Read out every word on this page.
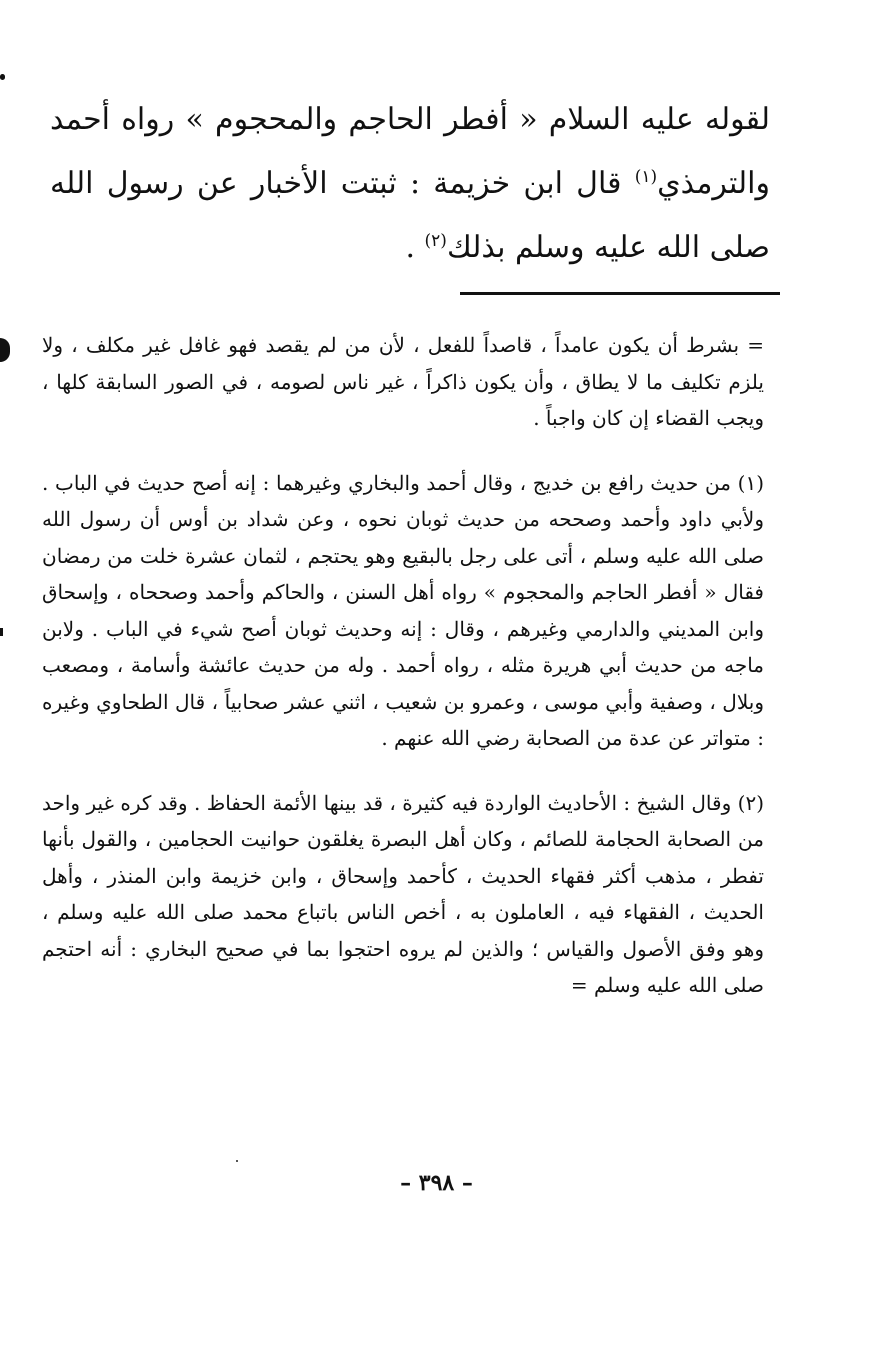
لقوله عليه السلام « أفطر الحاجم والمحجوم » رواه أحمد والترمذي$^{(١)}$ قال ابن خزيمة : ثبتت الأخبار عن رسول الله صلى الله عليه وسلم بذلك$^{(٢)}$ .

= بشرط أن يكون عامداً ، قاصداً للفعل ، لأن من لم يقصد فهو غافل غير مكلف ، ولا يلزم تكليف ما لا يطاق ، وأن يكون ذاكراً ، غير ناس لصومه ، في الصور السابقة كلها ، ويجب القضاء إن كان واجباً .

(١) من حديث رافع بن خديج ، وقال أحمد والبخاري وغيرهما : إنه أصح حديث في الباب . ولأبي داود وأحمد وصححه من حديث ثوبان نحوه ، وعن شداد بن أوس أن رسول الله صلى الله عليه وسلم ، أتى على رجل بالبقيع وهو يحتجم ، لثمان عشرة خلت من رمضان فقال « أفطر الحاجم والمحجوم » رواه أهل السنن ، والحاكم وأحمد وصححاه ، وإسحاق وابن المديني والدارمي وغيرهم ، وقال : إنه وحديث ثوبان أصح شيء في الباب . ولابن ماجه من حديث أبي هريرة مثله ، رواه أحمد . وله من حديث عائشة وأسامة ، ومصعب وبلال ، وصفية وأبي موسى ، وعمرو بن شعيب ، اثني عشر صحابياً ، قال الطحاوي وغيره : متواتر عن عدة من الصحابة رضي الله عنهم .

(٢) وقال الشيخ : الأحاديث الواردة فيه كثيرة ، قد بينها الأئمة الحفاظ . وقد كره غير واحد من الصحابة الحجامة للصائم ، وكان أهل البصرة يغلقون حوانيت الحجامين ، والقول بأنها تفطر ، مذهب أكثر فقهاء الحديث ، كأحمد وإسحاق ، وابن خزيمة وابن المنذر ، وأهل الحديث ، الفقهاء فيه ، العاملون به ، أخص الناس باتباع محمد صلى الله عليه وسلم ، وهو وفق الأصول والقياس ؛ والذين لم يروه احتجوا بما في صحيح البخاري : أنه احتجم صلى الله عليه وسلم =

– ٣٩٨ –
